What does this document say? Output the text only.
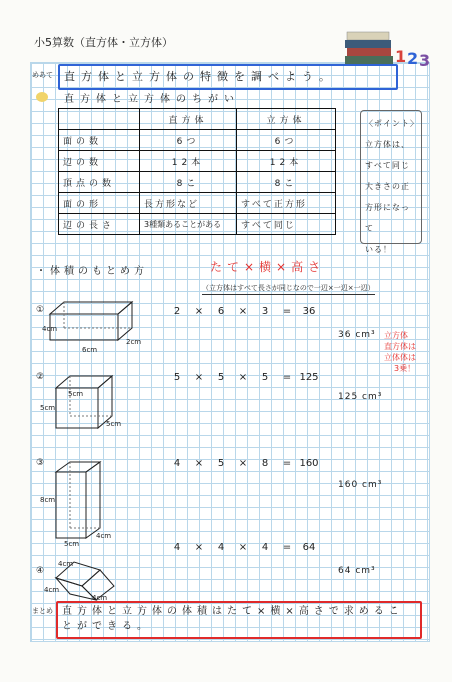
小5算数（直方体・立方体）
1 2 3
めあて 直方体と立方体の特徴を調べよう。
直方体と立方体のちがい
	直方体	立方体
面の数	6つ	6つ
辺の数	12本	12本
頂点の数	8こ	8こ
面の形	長方形など	すべて正方形
辺の長さ	3種類あることがある	すべて同じ
〈ポイント〉
立方体は、
すべて同じ
大きさの正
方形になって
いる！
・体積のもとめ方	たて×横×高さ
（立方体はすべて長さが同じなので一辺×一辺×一辺）
①
4cm
6cm
2cm
2 × 6 × 3 = 36
36 cm³ 立方体
直方体は
立体体は
3乗！
②
5cm
5cm
5cm
5 × 5 × 5 = 125
125 cm³
③
8cm
5cm
4cm
4 × 5 × 8 = 160
160 cm³
④
4cm
4cm
4cm
4 × 4 × 4 = 64
64 cm³
まとめ 直方体と立方体の体積はたて×横×高さで求めることができる。
